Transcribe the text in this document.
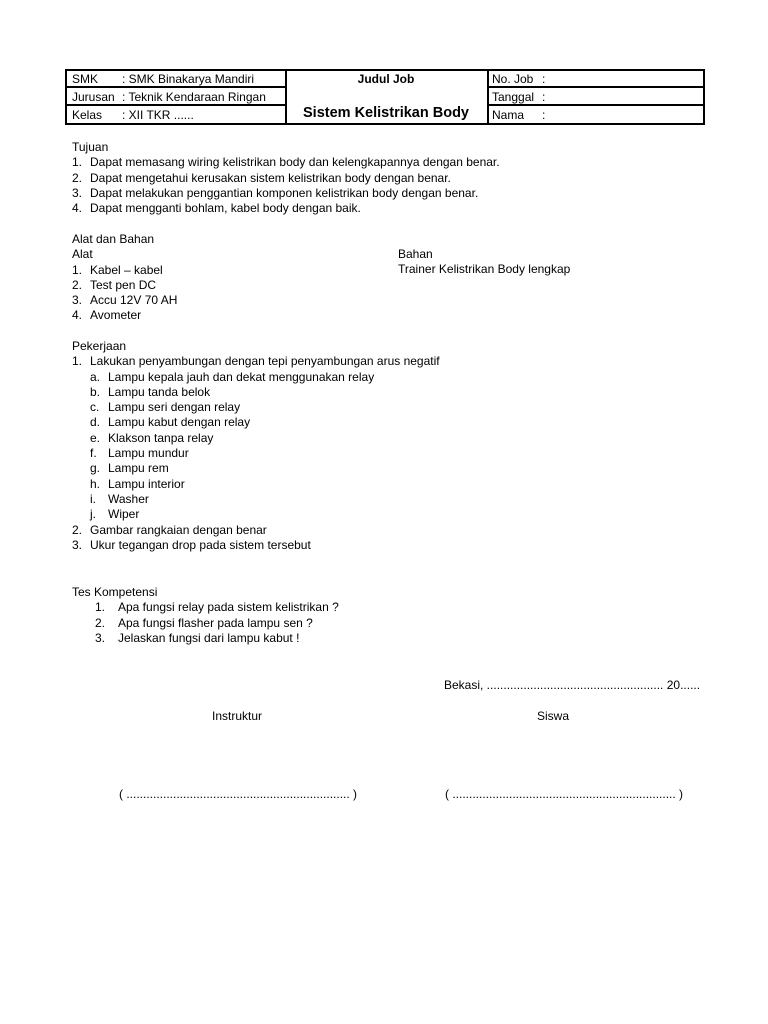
SMK : SMK Binakarya Mandiri
Jurusan : Teknik Kendaraan Ringan
Kelas : XII TKR ......
Judul Job
Sistem Kelistrikan Body
No. Job :
Tanggal :
Nama :
Tujuan
1. Dapat memasang wiring kelistrikan body dan kelengkapannya dengan benar.
2. Dapat mengetahui kerusakan sistem kelistrikan body dengan benar.
3. Dapat melakukan penggantian komponen kelistrikan body dengan benar.
4. Dapat mengganti bohlam, kabel body dengan baik.
Alat dan Bahan
Alat
1. Kabel – kabel
2. Test pen DC
3. Accu 12V 70 AH
4. Avometer
Bahan
Trainer Kelistrikan Body lengkap
Pekerjaan
1. Lakukan penyambungan dengan tepi penyambungan arus negatif
a. Lampu kepala jauh dan dekat menggunakan relay
b. Lampu tanda belok
c. Lampu seri dengan relay
d. Lampu kabut dengan relay
e. Klakson tanpa relay
f. Lampu mundur
g. Lampu rem
h. Lampu interior
i. Washer
j. Wiper
2. Gambar rangkaian dengan benar
3. Ukur tegangan drop pada sistem tersebut
Tes Kompetensi
1. Apa fungsi relay pada sistem kelistrikan ?
2. Apa fungsi flasher pada lampu sen ?
3. Jelaskan fungsi dari lampu kabut !
Bekasi, ..................................................... 20......
Instruktur	Siswa
( ................................................................... )	( ................................................................... )
